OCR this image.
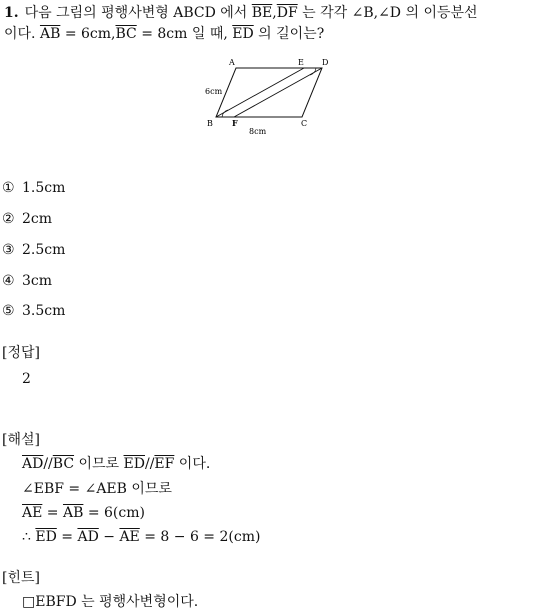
1. 다음 그림의 평행사변형 ABCD 에서 $\overline{BE},\overline{DF}$ 는 각각 ∠B,∠D 의 이등분선
이다. $\overline{AB} = 6cm,\overline{BC} = 8cm$ 일 때, $\overline{ED}$ 의 길이는?
A	E D
B F	C
6cm
8cm
① 1.5cm
② 2cm
③ 2.5cm
④ 3cm
⑤ 3.5cm
[정답]
2
[해설]
$\overline{AD}//\overline{BC}$ 이므로 $\overline{ED}//\overline{EF}$ 이다.
∠EBF = ∠AEB 이므로
$\overline{AE} = \overline{AB} = 6(cm)$
∴ $\overline{ED} = \overline{AD} - \overline{AE} = 8 - 6 = 2(cm)$
[힌트]
□EBFD 는 평행사변형이다.
